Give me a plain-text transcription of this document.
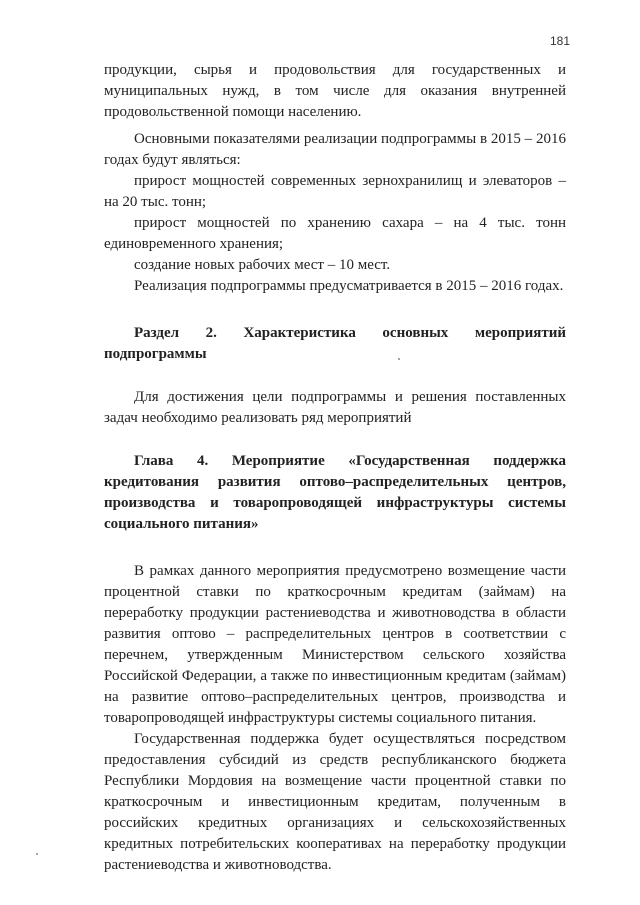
181

продукции, сырья и продовольствия для государственных и муниципальных нужд, в том числе для оказания внутренней продовольственной помощи населению.

Основными показателями реализации подпрограммы в 2015 – 2016 годах будут являться:

прирост мощностей современных зернохранилищ и элеваторов – на 20 тыс. тонн;

прирост мощностей по хранению сахара – на 4 тыс. тонн единовременного хранения;

создание новых рабочих мест – 10 мест.

Реализация подпрограммы предусматривается в 2015 – 2016 годах.

Раздел 2. Характеристика основных мероприятий подпрограммы

Для достижения цели подпрограммы и решения поставленных задач необходимо реализовать ряд мероприятий

Глава 4. Мероприятие «Государственная поддержка кредитования развития оптово–распределительных центров, производства и товаропроводящей инфраструктуры системы социального питания»

В рамках данного мероприятия предусмотрено возмещение части процентной ставки по краткосрочным кредитам (займам) на переработку продукции растениеводства и животноводства в области развития оптово – распределительных центров в соответствии с перечнем, утвержденным Министерством сельского хозяйства Российской Федерации, а также по инвестиционным кредитам (займам) на развитие оптово–распределительных центров, производства и товаропроводящей инфраструктуры системы социального питания.

Государственная поддержка будет осуществляться посредством предоставления субсидий из средств республиканского бюджета Республики Мордовия на возмещение части процентной ставки по краткосрочным и инвестиционным кредитам, полученным в российских кредитных организациях и сельскохозяйственных кредитных потребительских кооперативах на переработку продукции растениеводства и животноводства.
